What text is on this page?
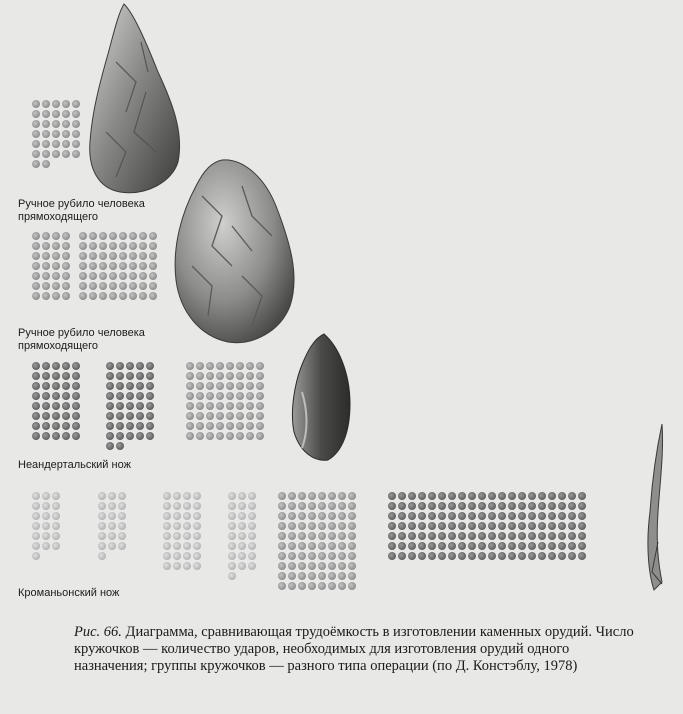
Ручное рубило человека прямоходящего
Ручное рубило человека прямоходящего
Неандертальский нож
Кроманьонский нож
Рис. 66. Диаграмма, сравнивающая трудоёмкость в изготовлении каменных орудий. Число кружочков — количество ударов, необходимых для изготовления орудий одного назначения; группы кружочков — разного типа операции (по Д. Констэблу, 1978)
